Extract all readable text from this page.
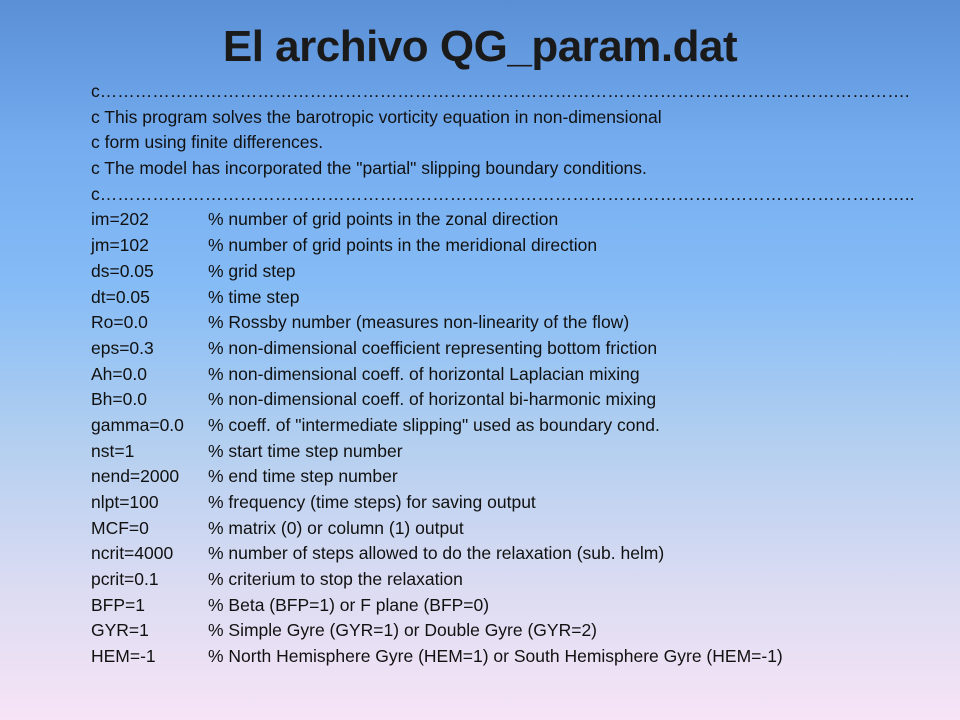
El archivo QG_param.dat
c………………………………………………………………………………………………………………………….
c This program solves the barotropic vorticity equation in non-dimensional
c form using finite differences.
c The model has incorporated the "partial" slipping boundary conditions.
c…………………………………………………………………………………………………………………………..
im=202	% number of grid points in the zonal direction
jm=102	% number of grid points in the meridional direction
ds=0.05	% grid step
dt=0.05	% time step
Ro=0.0	% Rossby number (measures non-linearity of the flow)
eps=0.3	% non-dimensional coefficient representing bottom friction
Ah=0.0	% non-dimensional coeff. of horizontal Laplacian mixing
Bh=0.0	% non-dimensional coeff. of horizontal bi-harmonic mixing
gamma=0.0 % coeff. of "intermediate slipping" used as boundary cond.
nst=1	% start time step number
nend=2000 % end time step number
nlpt=100	% frequency (time steps) for saving output
MCF=0	% matrix (0) or column (1) output
ncrit=4000 % number of steps allowed to do the relaxation (sub. helm)
pcrit=0.1	% criterium to stop the relaxation
BFP=1	% Beta (BFP=1) or F plane (BFP=0)
GYR=1	% Simple Gyre (GYR=1) or Double Gyre (GYR=2)
HEM=-1	% North Hemisphere Gyre (HEM=1) or South Hemisphere Gyre (HEM=-1)
